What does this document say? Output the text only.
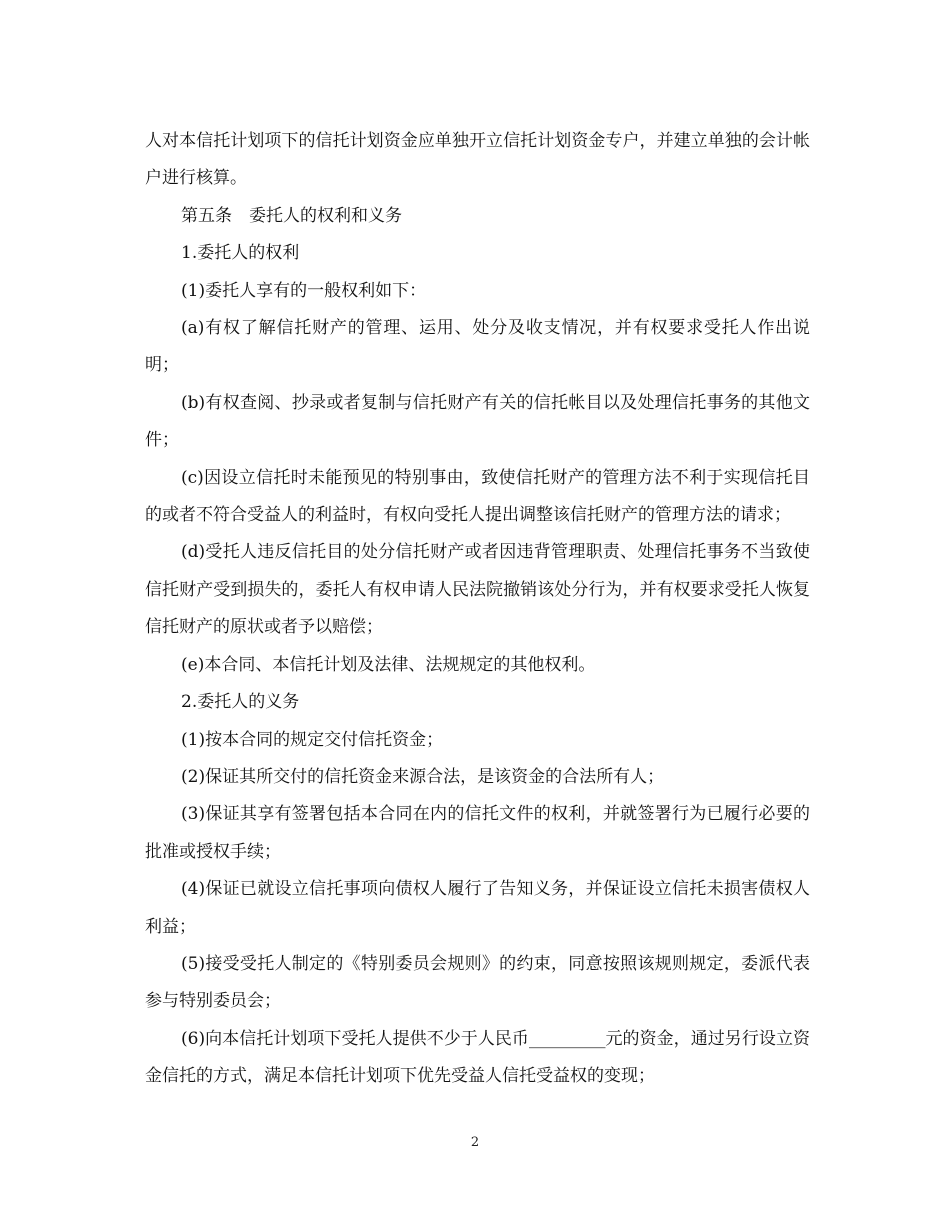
人对本信托计划项下的信托计划资金应单独开立信托计划资金专户，并建立单独的会计帐户进行核算。

第五条　委托人的权利和义务

1.委托人的权利

(1)委托人享有的一般权利如下：

(a)有权了解信托财产的管理、运用、处分及收支情况，并有权要求受托人作出说明；

(b)有权查阅、抄录或者复制与信托财产有关的信托帐目以及处理信托事务的其他文件；

(c)因设立信托时未能预见的特别事由，致使信托财产的管理方法不利于实现信托目的或者不符合受益人的利益时，有权向受托人提出调整该信托财产的管理方法的请求；

(d)受托人违反信托目的处分信托财产或者因违背管理职责、处理信托事务不当致使信托财产受到损失的，委托人有权申请人民法院撤销该处分行为，并有权要求受托人恢复信托财产的原状或者予以赔偿；

(e)本合同、本信托计划及法律、法规规定的其他权利。

2.委托人的义务

(1)按本合同的规定交付信托资金；

(2)保证其所交付的信托资金来源合法，是该资金的合法所有人；

(3)保证其享有签署包括本合同在内的信托文件的权利，并就签署行为已履行必要的批准或授权手续；

(4)保证已就设立信托事项向债权人履行了告知义务，并保证设立信托未损害债权人利益；

(5)接受受托人制定的《特别委员会规则》的约束，同意按照该规则规定，委派代表参与特别委员会；

(6)向本信托计划项下受托人提供不少于人民币_________元的资金，通过另行设立资金信托的方式，满足本信托计划项下优先受益人信托受益权的变现；

2
